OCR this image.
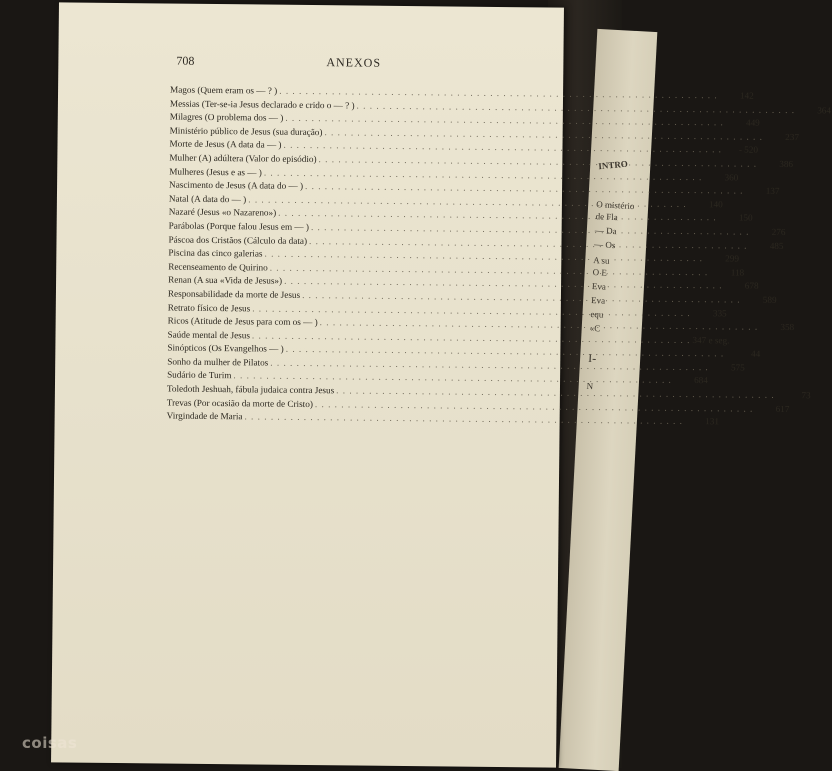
INTRO
O mistério
de Fla
— Da
— Os
A su
O E
Eva
Eva
equ
«C
I-
N
708	ANEXOS
Magos (Quem eram os — ? ) . . .	142
Messias (Ter-se-ia Jesus declarado e crido o — ? ) . . .	364
Milagres (O problema dos — ) . . .	449
Ministério público de Jesus (sua duração) . . .	237
Morte de Jesus (A data da — ) . . .	- 520
Mulher (A) adúltera (Valor do episódio) . . .	386
Mulheres (Jesus e as — ) . . .	360
Nascimento de Jesus (A data do — ) . . .	137
Natal (A data do — ) . . .	140
Nazaré (Jesus «o Nazareno») . . .	150
Parábolas (Porque falou Jesus em — ) . . .	276
Páscoa dos Cristãos (Cálculo da data) . . .	485
Piscina das cinco galerias . . .	299
Recenseamento de Quirino . . .	118
Renan (A sua «Vida de Jesus») . . .	678
Responsabilidade da morte de Jesus . . .	589
Retrato físico de Jesus . . .	335
Ricos (Atitude de Jesus para com os — ) . . .	358
Saúde mental de Jesus . . .	347 e seg.
Sinópticos (Os Evangelhos — ) . . .	44
Sonho da mulher de Pilatos . . .	575
Sudário de Turim . . .	684
Toledoth Jeshuah, fábula judaica contra Jesus . . .	73
Trevas (Por ocasião da morte de Cristo) . . .	617
Virgindade de Maria . . .	131
coisas
